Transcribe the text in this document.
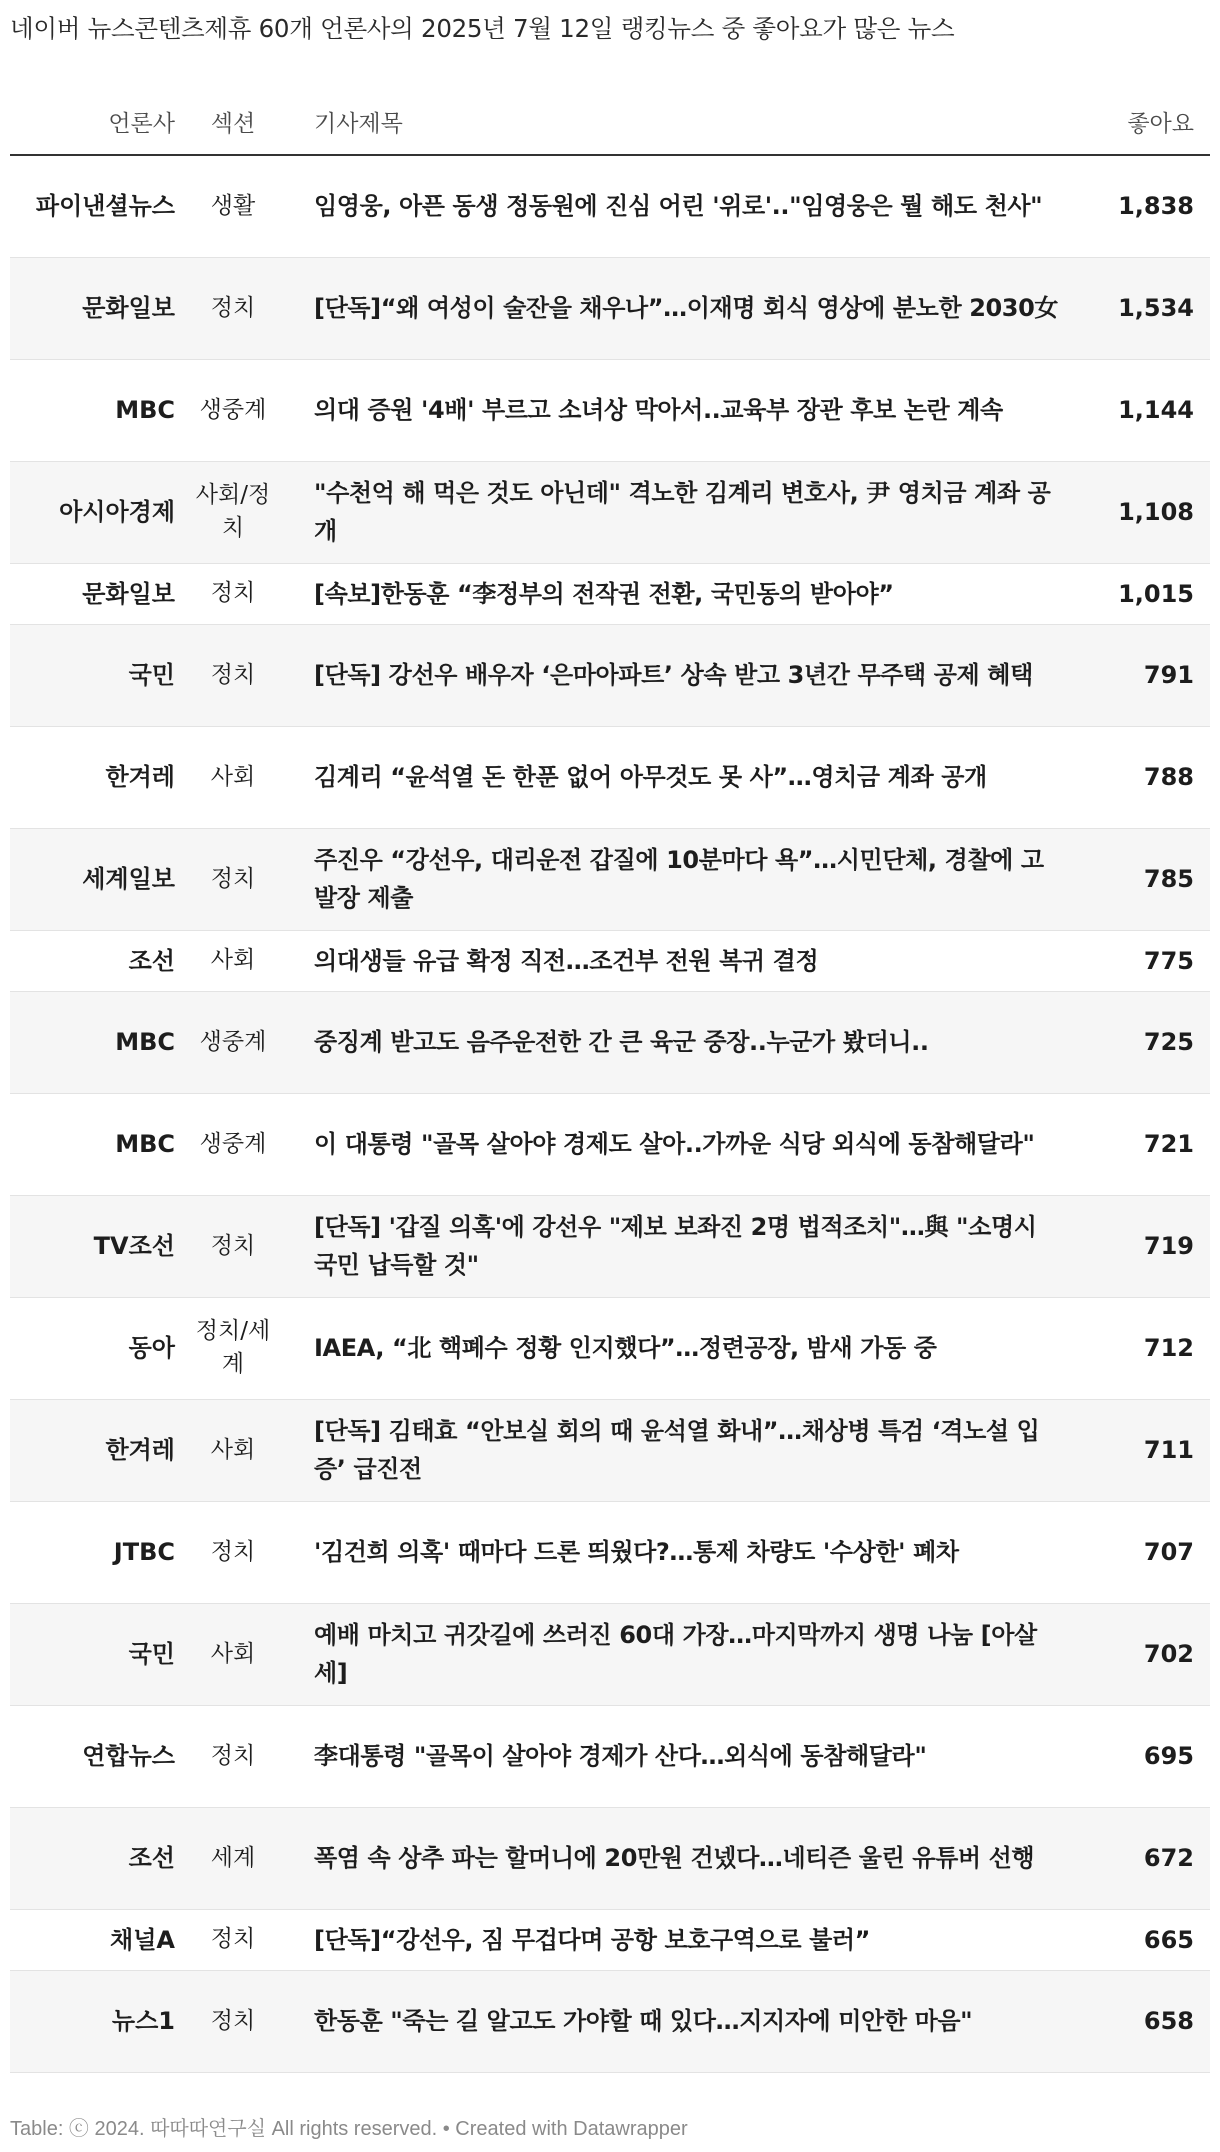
네이버 뉴스콘텐츠제휴 60개 언론사의 2025년 7월 12일 랭킹뉴스 중 좋아요가 많은 뉴스
언론사	섹션	기사제목	좋아요
파이낸셜뉴스	생활	임영웅, 아픈 동생 정동원에 진심 어린 '위로'.."임영웅은 뭘 해도 천사"	1,838
문화일보	정치	[단독]“왜 여성이 술잔을 채우나”…이재명 회식 영상에 분노한 2030女	1,534
MBC	생중계	의대 증원 '4배' 부르고 소녀상 막아서..교육부 장관 후보 논란 계속	1,144
아시아경제	사회/정치	"수천억 해 먹은 것도 아닌데" 격노한 김계리 변호사, 尹 영치금 계좌 공개	1,108
문화일보	정치	[속보]한동훈 “李정부의 전작권 전환, 국민동의 받아야”	1,015
국민	정치	[단독] 강선우 배우자 ‘은마아파트’ 상속 받고 3년간 무주택 공제 혜택	791
한겨레	사회	김계리 “윤석열 돈 한푼 없어 아무것도 못 사”…영치금 계좌 공개	788
세계일보	정치	주진우 “강선우, 대리운전 갑질에 10분마다 욕”…시민단체, 경찰에 고발장 제출	785
조선	사회	의대생들 유급 확정 직전…조건부 전원 복귀 결정	775
MBC	생중계	중징계 받고도 음주운전한 간 큰 육군 중장..누군가 봤더니..	725
MBC	생중계	이 대통령 "골목 살아야 경제도 살아..가까운 식당 외식에 동참해달라"	721
TV조선	정치	[단독] '갑질 의혹'에 강선우 "제보 보좌진 2명 법적조치"…與 "소명시 국민 납득할 것"	719
동아	정치/세계	IAEA, “北 핵폐수 정황 인지했다”…정련공장, 밤새 가동 중	712
한겨레	사회	[단독] 김태효 “안보실 회의 때 윤석열 화내”…채상병 특검 ‘격노설 입증’ 급진전	711
JTBC	정치	'김건희 의혹' 때마다 드론 띄웠다?…통제 차량도 '수상한' 폐차	707
국민	사회	예배 마치고 귀갓길에 쓰러진 60대 가장…마지막까지 생명 나눔 [아살세]	702
연합뉴스	정치	李대통령 "골목이 살아야 경제가 산다…외식에 동참해달라"	695
조선	세계	폭염 속 상추 파는 할머니에 20만원 건넸다…네티즌 울린 유튜버 선행	672
채널A	정치	[단독]“강선우, 짐 무겁다며 공항 보호구역으로 불러”	665
뉴스1	정치	한동훈 "죽는 길 알고도 가야할 때 있다…지지자에 미안한 마음"	658
Table: ⓒ 2024. 따따따연구실 All rights reserved. • Created with Datawrapper
